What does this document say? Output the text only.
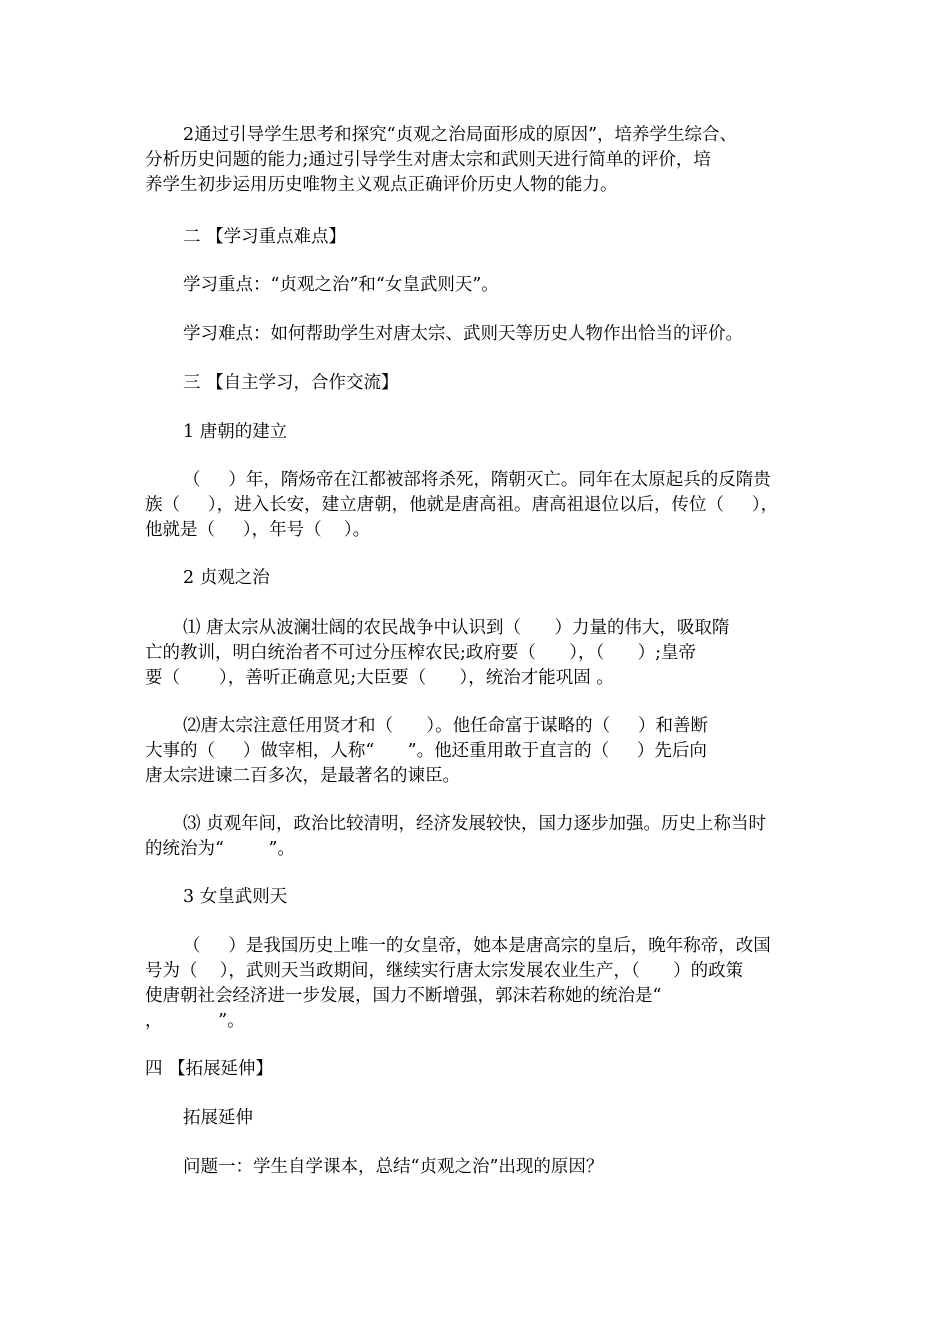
2通过引导学生思考和探究“贞观之治局面形成的原因”，培养学生综合、
分析历史问题的能力;通过引导学生对唐太宗和武则天进行简单的评价，培
养学生初步运用历史唯物主义观点正确评价历史人物的能力。

二 【学习重点难点】

学习重点：“贞观之治”和“女皇武则天”。

学习难点：如何帮助学生对唐太宗、武则天等历史人物作出恰当的评价。

三 【自主学习，合作交流】

1 唐朝的建立

（     ）年，隋炀帝在江都被部将杀死，隋朝灭亡。同年在太原起兵的反隋贵
族（     ），进入长安，建立唐朝，他就是唐高祖。唐高祖退位以后，传位（     ），
他就是（     ），年号（    ）。

2 贞观之治

⑴ 唐太宗从波澜壮阔的农民战争中认识到（      ）力量的伟大，吸取隋
亡的教训，明白统治者不可过分压榨农民;政府要（      ），（      ）;皇帝
要（       ），善听正确意见;大臣要（      ），统治才能巩固 。
⑵唐太宗注意任用贤才和（      ）。他任命富于谋略的（     ）和善断
大事的（     ）做宰相，人称“      ”。他还重用敢于直言的（     ）先后向
唐太宗进谏二百多次，是最著名的谏臣。
⑶ 贞观年间，政治比较清明，经济发展较快，国力逐步加强。历史上称当时
的统治为“        ”。

3 女皇武则天

（     ）是我国历史上唯一的女皇帝，她本是唐高宗的皇后，晚年称帝，改国
号为（    ），武则天当政期间，继续实行唐太宗发展农业生产，（      ）的政策
使唐朝社会经济进一步发展，国力不断增强，郭沫若称她的统治是“
，          ”。

四 【拓展延伸】

拓展延伸

问题一：学生自学课本，总结“贞观之治”出现的原因？
